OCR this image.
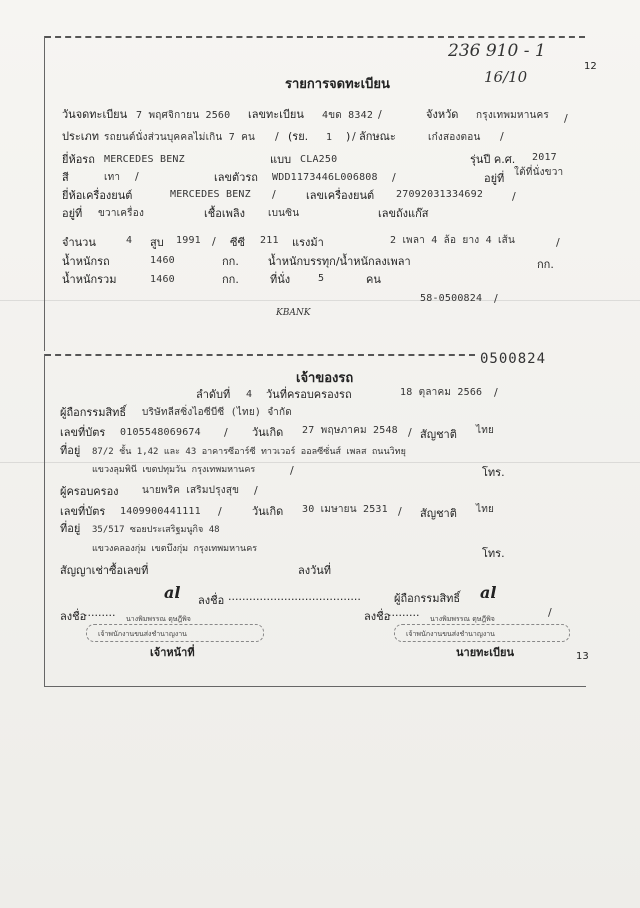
236 910 - 1
12
16/10
รายการจดทะเบียน
วันจดทะเบียน 7 พฤศจิกายน 2560 เลขทะเบียน 4ขด 8342 /	จังหวัด กรุงเทพมหานคร /
ประเภท รถยนต์นั่งส่วนบุคคลไม่เกิน 7 คน / (รย. 1 ) / ลักษณะ	เก๋งสองตอน /
ยี่ห้อรถ MERCEDES BENZ	แบบ CLA250	รุ่นปี ค.ศ. 2017
สี	เทา /	เลขตัวรถ WDD1173446L006808 /	อยู่ที่ ใต้ที่นั่งขวา
ยี่ห้อเครื่องยนต์	MERCEDES BENZ /	เลขเครื่องยนต์ 27092031334692	/
อยู่ที่ ขวาเครื่อง	เชื้อเพลิง เบนซิน	เลขถังแก๊ส
จำนวน	4 สูบ 1991 / ซีซี 211 แรงม้า	2 เพลา 4 ล้อ ยาง 4 เส้น	/
น้ำหนักรถ	1460	กก.	น้ำหนักบรรทุก/น้ำหนักลงเพลา	กก.
น้ำหนักรวม	1460	กก.	ที่นั่ง	5	คน
58-0500824 /
KBANK
0500824
เจ้าของรถ
ลำดับที่ 4 วันที่ครอบครองรถ	18 ตุลาคม 2566 /
ผู้ถือกรรมสิทธิ์ บริษัทลีสซิ่งไอซีบีซี (ไทย) จำกัด
เลขที่บัตร 0105548069674 / วันเกิด 27 พฤษภาคม 2548 / สัญชาติ ไทย
ที่อยู่ 87/2 ชั้น 1,42 และ 43 อาคารซีอาร์ซี ทาวเวอร์ ออลซีซั่นส์ เพลส ถนนวิทยุ
แขวงลุมพินี เขตปทุมวัน กรุงเทพมหานคร	/	โทร.
ผู้ครอบครอง นายพริค เสริมปรุงสุข /
เลขที่บัตร 1409900441111 /	วันเกิด 30 เมษายน 2531 / สัญชาติ ไทย
ที่อยู่ 35/517 ซอยประเสริฐมนูกิจ 48
แขวงคลองกุ่ม เขตบึงกุ่ม กรุงเทพมหานคร	โทร.
สัญญาเช่าซื้อเลขที่	ลงวันที่
al ลงชื่อ ......................................	ผู้ถือกรรมสิทธิ์ al
ลงชื่อ
......... นางพิมพรรณ ดุษฎีพิจ
เจ้าพนักงานขนส่งชำนาญงาน
เจ้าหน้าที่
ลงชื่อ
......... นางพิมพรรณ ดุษฎีพิจ	/
เจ้าพนักงานขนส่งชำนาญงาน
นายทะเบียน	13
